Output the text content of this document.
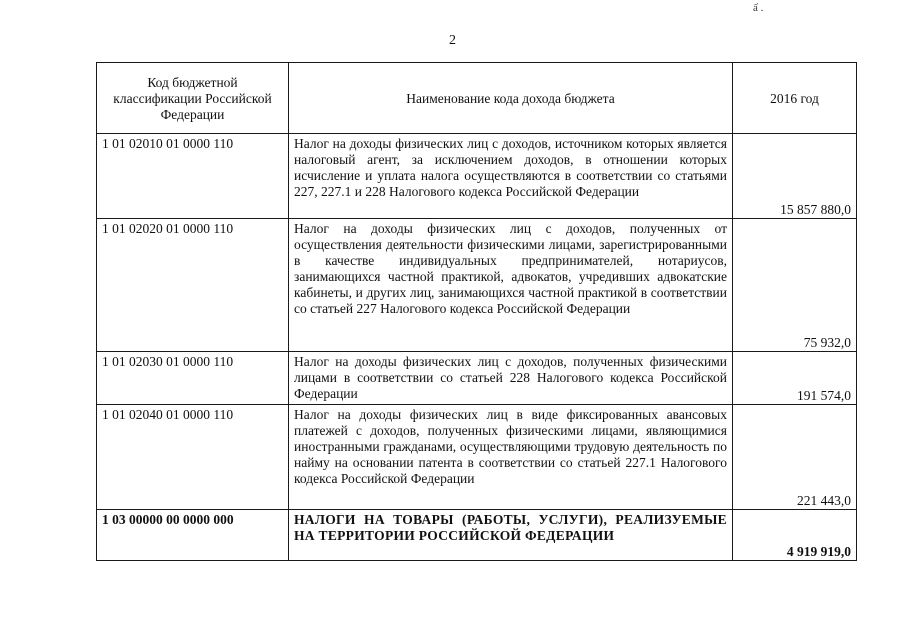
ấ .
2
Код бюджетной классификации Российской Федерации	Наименование кода дохода бюджета	2016 год
1 01 02010 01 0000 110	Налог на доходы физических лиц с доходов, источником которых является налоговый агент, за исключением доходов, в отношении которых исчисление и уплата налога осуществляются в соответствии со статьями 227, 227.1 и 228 Налогового кодекса Российской Федерации	15 857 880,0
1 01 02020 01 0000 110	Налог на доходы физических лиц с доходов, полученных от осуществления деятельности физическими лицами, зарегистрированными в качестве индивидуальных предпринимателей, нотариусов, занимающихся частной практикой, адвокатов, учредивших адвокатские кабинеты, и других лиц, занимающихся частной практикой в соответствии со статьей 227 Налогового кодекса Российской Федерации	75 932,0
1 01 02030 01 0000 110	Налог на доходы физических лиц с доходов, полученных физическими лицами в соответствии со статьей 228 Налогового кодекса Российской Федерации	191 574,0
1 01 02040 01 0000 110	Налог на доходы физических лиц в виде фиксированных авансовых платежей с доходов, полученных физическими лицами, являющимися иностранными гражданами, осуществляющими трудовую деятельность по найму на основании патента в соответствии со статьей 227.1 Налогового кодекса Российской Федерации	221 443,0
1 03 00000 00 0000 000	НАЛОГИ НА ТОВАРЫ (РАБОТЫ, УСЛУГИ), РЕАЛИЗУЕМЫЕ НА ТЕРРИТОРИИ РОССИЙСКОЙ ФЕДЕРАЦИИ	4 919 919,0
